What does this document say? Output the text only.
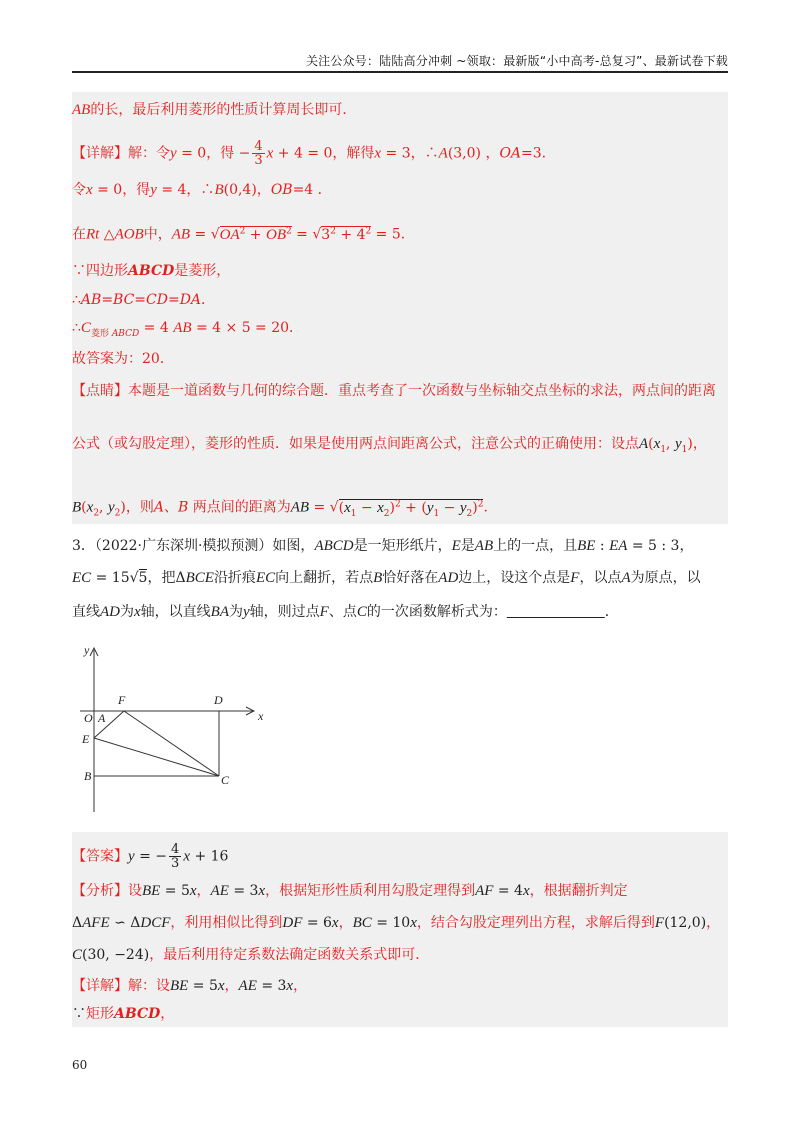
关注公众号：陆陆高分冲刺 ~领取：最新版“小中高考-总复习”、最新试卷下载
AB的长，最后利用菱形的性质计算周长即可．
【详解】解：令y = 0，得 − $\frac{4}{3}$ x + 4 = 0，解得x = 3，∴A(3,0) ，OA=3.
令x = 0，得y = 4，∴B(0,4)，OB=4 ．
在Rt △AOB中，AB = $√OA^2 + OB^2 = √3^2 + 4^2 = 5$．
∵四边形ABCD是菱形，
∴AB=BC=CD=DA．
$\therefore C_{菱形 ABCD} = 4$ AB = 4 × 5 = 20．
故答案为：20．
【点睛】本题是一道函数与几何的综合题．重点考查了一次函数与坐标轴交点坐标的求法，两点间的距离
公式（或勾股定理），菱形的性质．如果是使用两点间距离公式，注意公式的正确使用：设点$A(x_1$, $y_1$)，
$B(x_2$, $y_2$)，则A、B 两点间的距离为AB = $√(x_1 - x_2)^2 + (y_1 - y_2)^2$.
3．（2022·广东深圳·模拟预测）如图，ABCD是一矩形纸片，E是AB上的一点，且BE : EA = 5 : 3，
EC = 15√5，把ΔBCE沿折痕EC向上翻折，若点B恰好落在AD边上，设这个点是F，以点A为原点，以
直线AD为x轴，以直线BA为y轴，则过点F、点C的一次函数解析式为：	．
y
x
O A
F	D
E
B	C
【答案】y = − $\frac{4}{3}$ x + 16
【分析】设BE = 5x，AE = 3x，根据矩形性质利用勾股定理得到AF = 4x，根据翻折判定
ΔAFE ∽ ΔDCF，利用相似比得到DF = 6x，BC = 10x，结合勾股定理列出方程，求解后得到F(12,0)，
C(30, −24)，最后利用待定系数法确定函数关系式即可．
【详解】解：设BE = 5x，AE = 3x，
∵矩形ABCD，
60
